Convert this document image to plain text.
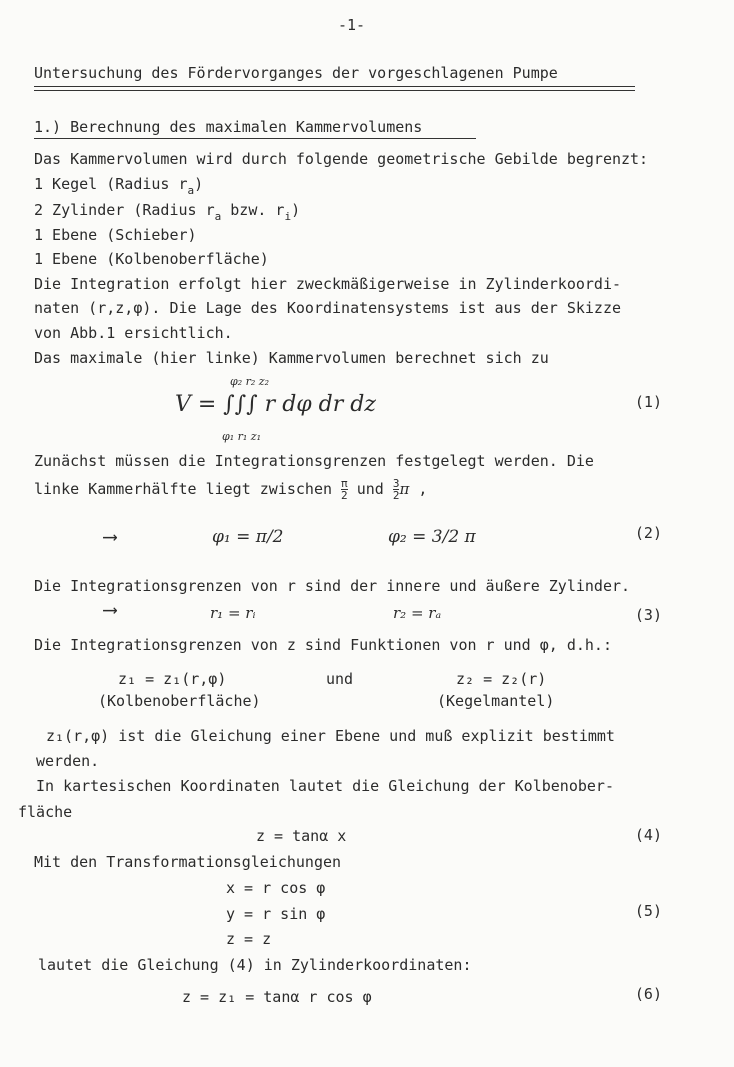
-1-
Untersuchung des Fördervorganges der vorgeschlagenen Pumpe
1.) Berechnung des maximalen Kammervolumens
Das Kammervolumen wird durch folgende geometrische Gebilde begrenzt:
1 Kegel (Radius $r_a$)
2 Zylinder (Radius $r_a$ bzw. $r_i$)
1 Ebene (Schieber)
1 Ebene (Kolbenoberfläche)
Die Integration erfolgt hier zweckmäßigerweise in Zylinderkoordi-
naten (r,z,φ). Die Lage des Koordinatensystems ist aus der Skizze
von Abb.1 ersichtlich.
Das maximale (hier linke) Kammervolumen berechnet sich zu
φ₂ r₂ z₂
V = ∫∫∫ r dφ dr dz
φ₁ r₁ z₁
(1)
Zunächst müssen die Integrationsgrenzen festgelegt werden. Die
linke Kammerhälfte liegt zwischen $\frac{\pi}{2}$ und $\frac{3}{2}$ π ,
⟶	φ₁ = π/2	φ₂ = 3/2 π	(2)
Die Integrationsgrenzen von r sind der innere und äußere Zylinder.
⟶	r₁ = rᵢ	r₂ = rₐ	(3)
Die Integrationsgrenzen von z sind Funktionen von r und φ, d.h.:
z₁ = z₁(r,φ)	und	z₂ = z₂(r)
(Kolbenoberfläche)	(Kegelmantel)
z₁(r,φ) ist die Gleichung einer Ebene und muß explizit bestimmt
werden.
In kartesischen Koordinaten lautet die Gleichung der Kolbenober-
fläche
z = tanα x	(4)
Mit den Transformationsgleichungen
x = r cos φ
y = r sin φ
z = z
(5)
lautet die Gleichung (4) in Zylinderkoordinaten:
z = z₁ = tanα r cos φ	(6)
